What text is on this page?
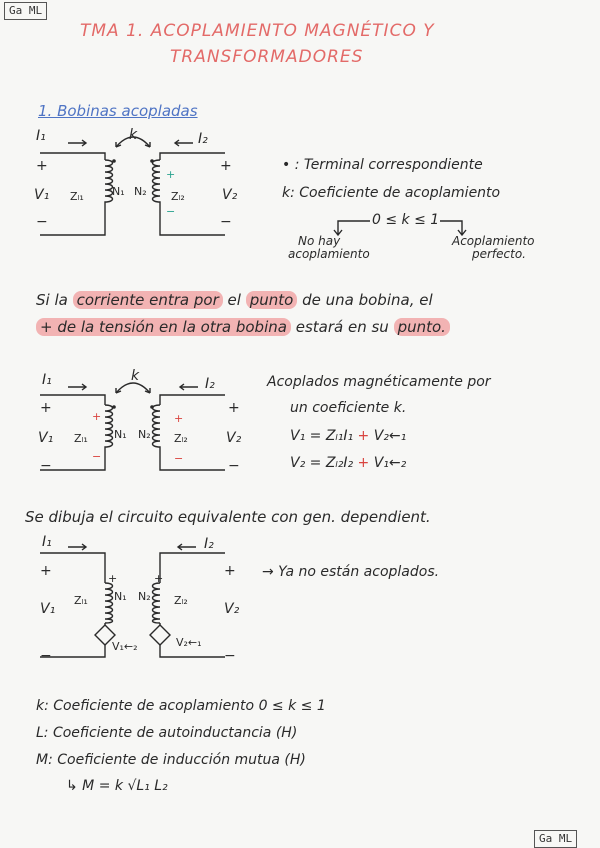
Ga ML
Ga ML
TMA 1. ACOPLAMIENTO MAGNÉTICO Y
TRANSFORMADORES
1. Bobinas acopladas
I₁	I₂
k
+
−
+
−
V₁	V₂
Zₗ₁	N₁ N₂ Zₗ₂
+
−
• : Terminal correspondiente
k: Coeficiente de acoplamiento
0 ≤ k ≤ 1
No hay
acoplamiento
Acoplamiento
perfecto.
Si la corriente entra por el punto de una bobina, el
+ de la tensión en la otra bobina estará en su punto.
I₁	I₂
k
+
−
+
−
V₁	V₂
Zₗ₁ N₁ N₂ Zₗ₂
+
−
+
−
Acoplados magnéticamente por
un coeficiente k.
V₁ = Zₗ₁I₁ + V₂←₁
V₂ = Zₗ₂I₂ + V₁←₂
Se dibuja el circuito equivalente con gen. dependient.
I₁	I₂
+
−
+
−
V₁	V₂
Zₗ₁ N₁ N₂ Zₗ₂
V₁←₂	V₂←₁
+	+	→ Ya no están acoplados.
k: Coeficiente de acoplamiento 0 ≤ k ≤ 1
L: Coeficiente de autoinductancia (H)
M: Coeficiente de inducción mutua (H)
↳ M = k √L₁ L₂
